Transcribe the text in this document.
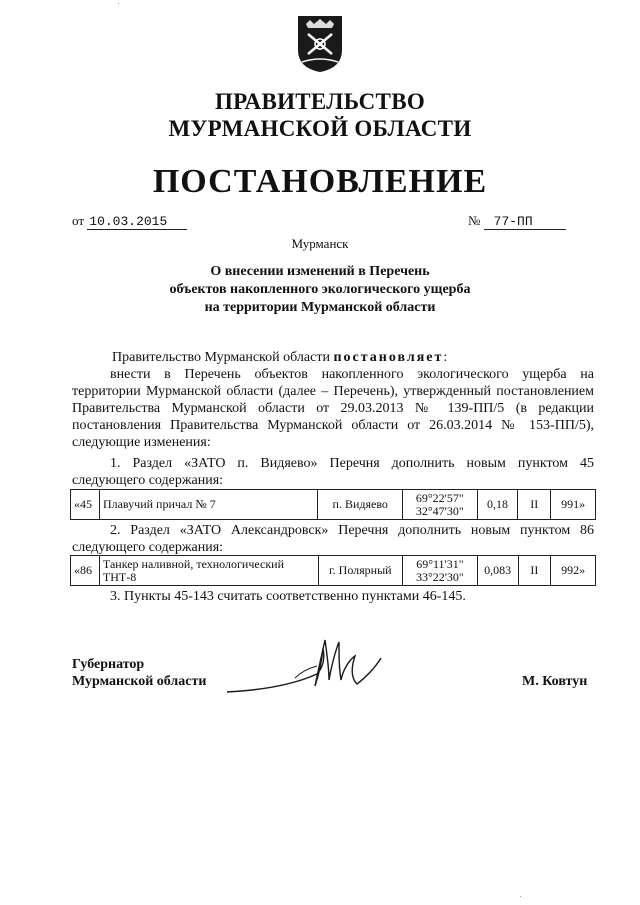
ПРАВИТЕЛЬСТВО
МУРМАНСКОЙ ОБЛАСТИ
ПОСТАНОВЛЕНИЕ
от 10.03.2015	№ 77-ПП
Мурманск
О внесении изменений в Перечень
объектов накопленного экологического ущерба
на территории Мурманской области
Правительство Мурманской области постановляет:
внести в Перечень объектов накопленного экологического ущерба на территории Мурманской области (далее – Перечень), утвержденный постановлением Правительства Мурманской области от 29.03.2013 № 139-ПП/5 (в редакции постановления Правительства Мурманской области от 26.03.2014 № 153-ПП/5), следующие изменения:
1. Раздел «ЗАТО п. Видяево» Перечня дополнить новым пунктом 45 следующего содержания:
«45	Плавучий причал № 7	п. Видяево	69°22'57"
32°47'30"	0,18	II	991»
2. Раздел «ЗАТО Александровск» Перечня дополнить новым пунктом 86 следующего содержания:
«86	Танкер наливной, технологический ТНТ-8	г. Полярный	69°11'31"
33°22'30"	0,083	II	992»
3. Пункты 45-143 считать соответственно пунктами 46-145.
Губернатор
Мурманской области	М. Ковтун
